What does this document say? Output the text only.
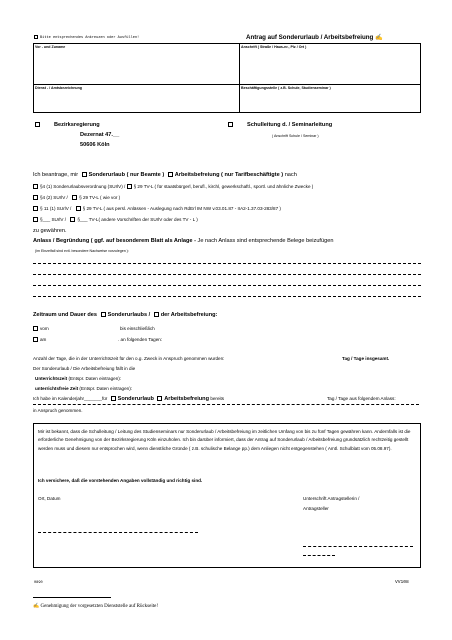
Bitte entsprechendes Ankreuzen oder Ausfüllen!	Antrag auf Sonderurlaub / Arbeitsbefreiung ✍
Vor - und Zuname	Anschrift ( Straße / Haus-nr., Plz / Ort )
Dienst - / Amtsbezeichnung	Beschäftigungsstelle ( z.B. Schule, Studienseminar )
Bezirksregierung
Dezernat 47.__
50606 Köln
Schulleitung d. / Seminarleitung
( Anschrift Schule / Seminar )
Ich beantrage, mir Sonderurlaub ( nur Beamte ) Arbeitsbefreiung ( nur Tarifbeschäftigte ) nach
§4 (1) Sonderurlaubsverordnung (SUrlV) / § 29 TV-L ( für staatsbürgerl, berufl., kirchl, gewerkschaftl., sportl. und ähnliche Zwecke )
§4 (2) SUrlV / § 29 TV-L ( wie vor )
§ 11 (1) SUrlV / § 29 TV-L ( aus persl. Anlässen - Auslegung nach RdErl IM NW v.03.01.87 - IIA2-1.37.03-283/87 )
§___ SUrlV / §___ TV-L( andere Vorschriften der SUrlV oder des TV - L )
zu gewähren.
Anlass / Begründung ( ggf. auf besonderem Blatt als Anlage - Je nach Anlass sind entsprechende Belege beizufügen
(im Einzelfall sind evtl. besondere Nachweise vorzulegen ):
Zeitraum und Dauer des Sonderurlaubs / der Arbeitsbefreiung:
vom	bis einschließlich
am	. an folgenden Tagen:
Anzahl der Tage, die in der Unterrichtszeit für den o.g. Zweck in Anspruch genommen wurden:	Tag / Tage insgesamt.
Der Sonderurlaub / Die Arbeitsbefreiung fällt in die
Unterrichtszeit (Entspr. Daten eintragen):
unterrichtsfreie Zeit (Entspr. Daten eintragen):
Ich habe im Kalenderjahr_______für Sonderurlaub Arbeitsbefreiung bereits	Tag / Tage aus folgendem Anlass:
in Anspruch genommen.
Mir ist bekannt, dass die Schulleitung / Leitung des Studienseminars nur Sonderurlaub / Arbeitsbefreiung im zeitlichen Umfang von bis zu fünf Tagen gewähren kann. Andernfalls ist die erforderliche Genehmigung von der Bezirksregierung Köln einzuholen. Ich bin darüber informiert, dass der Antrag auf Sonderurlaub / Arbeitsbefreiung grundsätzlich rechtzeitig gestellt werden muss und diesem nur entsprochen wird, wenn dienstliche Gründe ( z.B. schulische Belange pp.) dem Anliegen nicht entgegenstehen ( Amtl. Schulblatt vom 05.08.97).
Ich versichere, daß die vorstehenden Angaben vollständig und richtig sind.
Ort, Datum	Unterschrift Antragstellerin /
Antragsteller
0890	VV108
✍ Genehmigung der vorgesetzten Dienststelle auf Rückseite!
